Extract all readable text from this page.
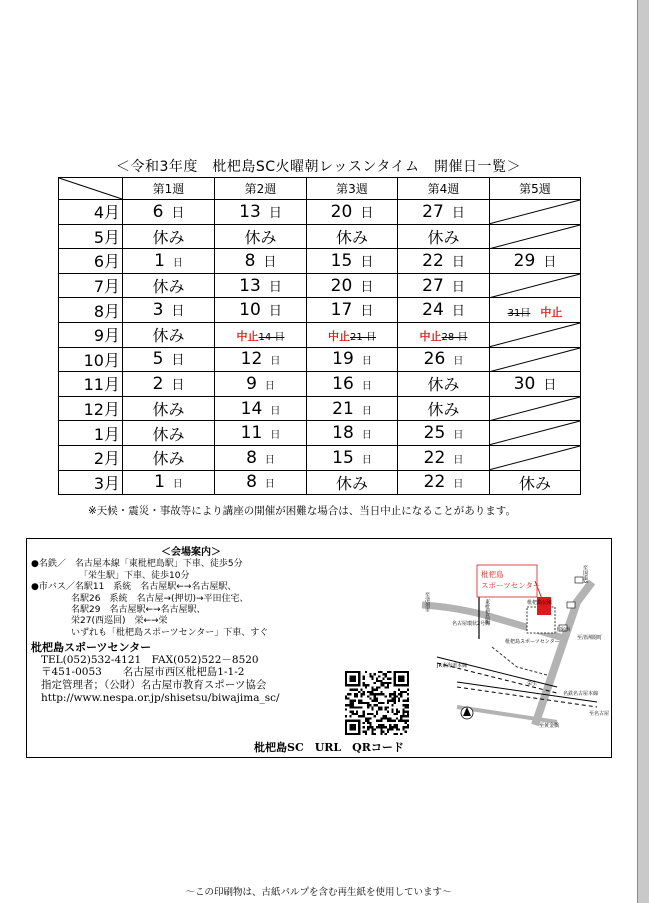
＜令和3年度　枇杷島SC火曜朝レッスンタイム　開催日一覧＞
	第1週	第2週	第3週	第4週	第5週
4月	6 日	13 日	20 日	27 日	

5月	休み	休み	休み	休み	

6月	1 日	8 日	15 日	22 日	29 日
7月	休み	13 日	20 日	27 日	

8月	3 日	10 日	17 日	24 日	31日 中止
9月	休み	中止14 日	中止21 日	中止28 日	

10月	5 日	12 日	19 日	26 日	

11月	2 日	9 日	16 日	休み	30 日
12月	休み	14 日	21 日	休み	

1月	休み	11 日	18 日	25 日	

2月	休み	8 日	15 日	22 日	

3月	1 日	8 日	休み	22 日	休み
※天候・震災・事故等により講座の開催が困難な場合は、当日中止になることがあります。
＜会場案内＞
●名鉄／　名古屋本線「東枇杷島駅」下車、徒歩5分
「栄生駅」下車、徒歩10分
●市バス／名駅11　系統　名古屋駅←→名古屋駅、
名駅26　系統　名古屋→(押切)→平田住宅、
名駅29　名古屋駅←→名古屋駅、
栄27(西巡回)　栄←→栄
いずれも「枇杷島スポーツセンター」下車、すぐ
枇杷島スポーツセンター
TEL(052)532-4121　FAX(052)522－8520
〒451-0053　　名古屋市西区枇杷島1-1-2
指定管理者；（公財）名古屋市教育スポーツ協会
http://www.nespa.or.jp/shisetsu/biwajima_sc/
枇杷島SC　URL　QRコード
枇杷島
スポーツセンター
至国道3
至清須市	東枇杷島駅	枇杷島公園
名古屋環状2号線
上宿西
枇杷島スポーツセンター
至清洲閲町
JR東海道本線
名鉄名古屋本線
栄生
至黄金橋
至名古屋
～この印刷物は、古紙パルプを含む再生紙を使用しています～
